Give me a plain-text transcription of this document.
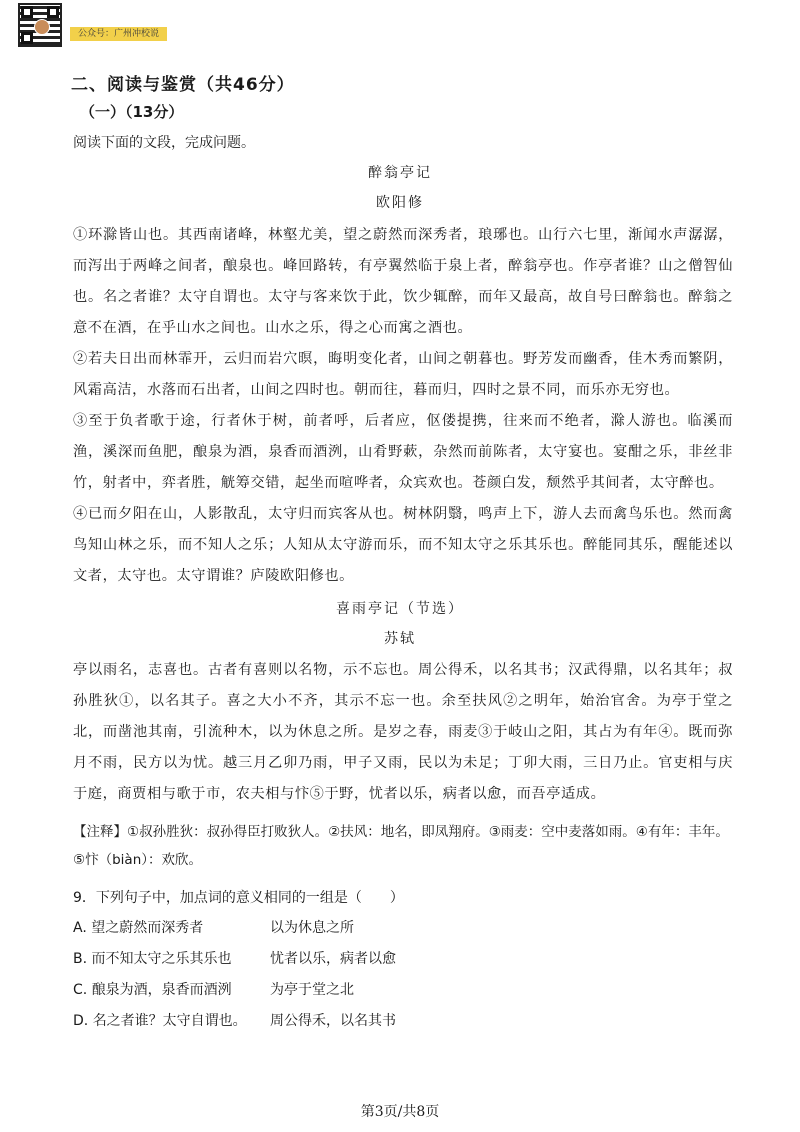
公众号：广州冲校说
二、阅读与鉴赏（共46分）
（一）（13分）
阅读下面的文段，完成问题。
醉翁亭记
欧阳修
①环滁皆山也。其西南诸峰，林壑尤美，望之蔚然而深秀者，琅琊也。山行六七里，渐闻水声潺潺，而泻出于两峰之间者，酿泉也。峰回路转，有亭翼然临于泉上者，醉翁亭也。作亭者谁？山之僧智仙也。名之者谁？太守自谓也。太守与客来饮于此，饮少辄醉，而年又最高，故自号曰醉翁也。醉翁之意不在酒，在乎山水之间也。山水之乐，得之心而寓之酒也。
②若夫日出而林霏开，云归而岩穴暝，晦明变化者，山间之朝暮也。野芳发而幽香，佳木秀而繁阴，风霜高洁，水落而石出者，山间之四时也。朝而往，暮而归，四时之景不同，而乐亦无穷也。
③至于负者歌于途，行者休于树，前者呼，后者应，伛偻提携，往来而不绝者，滁人游也。临溪而渔，溪深而鱼肥，酿泉为酒，泉香而酒洌，山肴野蔌，杂然而前陈者，太守宴也。宴酣之乐，非丝非竹，射者中，弈者胜，觥筹交错，起坐而喧哗者，众宾欢也。苍颜白发，颓然乎其间者，太守醉也。
④已而夕阳在山，人影散乱，太守归而宾客从也。树林阴翳，鸣声上下，游人去而禽鸟乐也。然而禽鸟知山林之乐，而不知人之乐；人知从太守游而乐，而不知太守之乐其乐也。醉能同其乐，醒能述以文者，太守也。太守谓谁？庐陵欧阳修也。
喜雨亭记（节选）
苏轼
亭以雨名，志喜也。古者有喜则以名物，示不忘也。周公得禾，以名其书；汉武得鼎，以名其年；叔孙胜狄①，以名其子。喜之大小不齐，其示不忘一也。余至扶风②之明年，始治官舍。为亭于堂之北，而凿池其南，引流种木，以为休息之所。是岁之春，雨麦③于岐山之阳，其占为有年④。既而弥月不雨，民方以为忧。越三月乙卯乃雨，甲子又雨，民以为未足；丁卯大雨，三日乃止。官吏相与庆于庭，商贾相与歌于市，农夫相与忭⑤于野，忧者以乐，病者以愈，而吾亭适成。
【注释】①叔孙胜狄：叔孙得臣打败狄人。②扶风：地名，即凤翔府。③雨麦：空中麦落如雨。④有年：丰年。⑤忭（biàn）：欢欣。
9．下列句子中，加点词的意义相同的一组是（　　）
A. 望之蔚然而深秀者	以为休息之所
B. 而不知太守之乐其乐也	忧者以乐，病者以愈
C. 酿泉为酒，泉香而酒洌	为亭于堂之北
D. 名之者谁？太守自谓也。 周公得禾，以名其书
第3页/共8页
